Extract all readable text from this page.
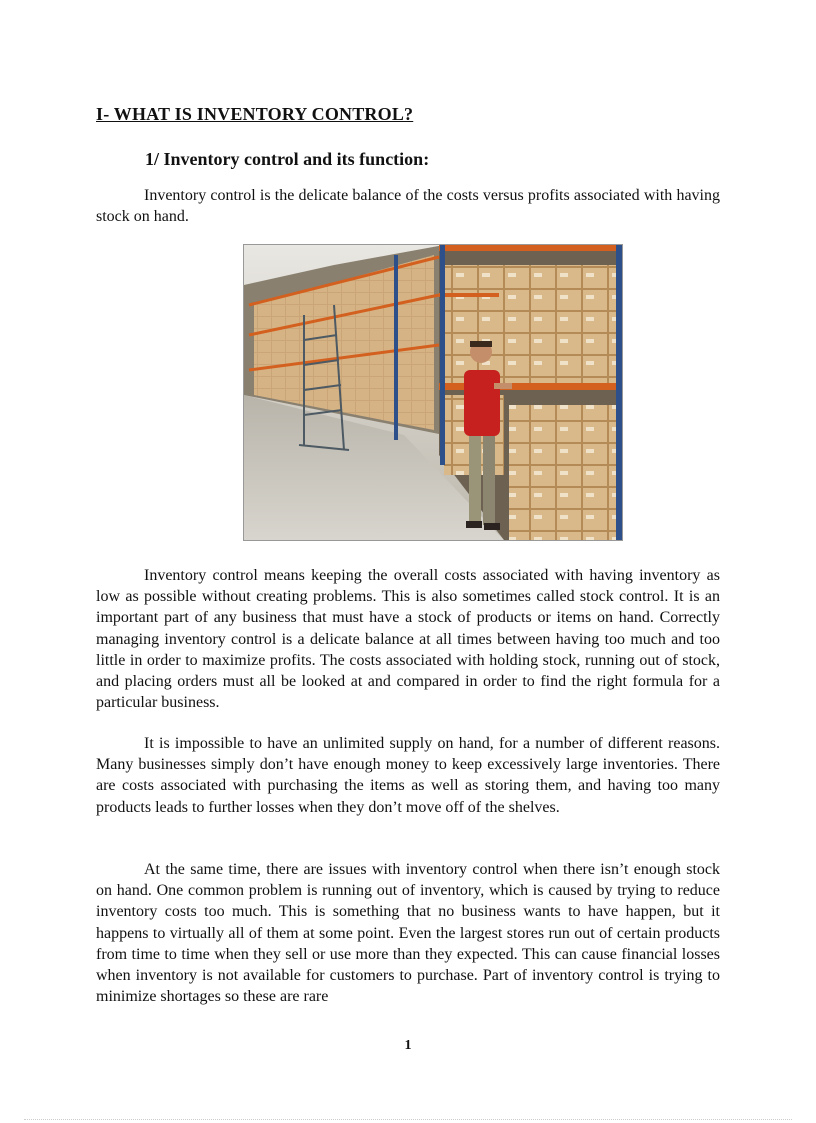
I- WHAT IS INVENTORY CONTROL?
1/ Inventory control and its function:

Inventory control is the delicate balance of the costs versus profits associated with having stock on hand.

Inventory control means keeping the overall costs associated with having inventory as low as possible without creating problems. This is also sometimes called stock control. It is an important part of any business that must have a stock of products or items on hand. Correctly managing inventory control is a delicate balance at all times between having too much and too little in order to maximize profits. The costs associated with holding stock, running out of stock, and placing orders must all be looked at and compared in order to find the right formula for a particular business.

It is impossible to have an unlimited supply on hand, for a number of different reasons. Many businesses simply don’t have enough money to keep excessively large inventories. There are costs associated with purchasing the items as well as storing them, and having too many products leads to further losses when they don’t move off of the shelves.

At the same time, there are issues with inventory control when there isn’t enough stock on hand. One common problem is running out of inventory, which is caused by trying to reduce inventory costs too much. This is something that no business wants to have happen, but it happens to virtually all of them at some point. Even the largest stores run out of certain products from time to time when they sell or use more than they expected. This can cause financial losses when inventory is not available for customers to purchase. Part of inventory control is trying to minimize shortages so these are rare

1
